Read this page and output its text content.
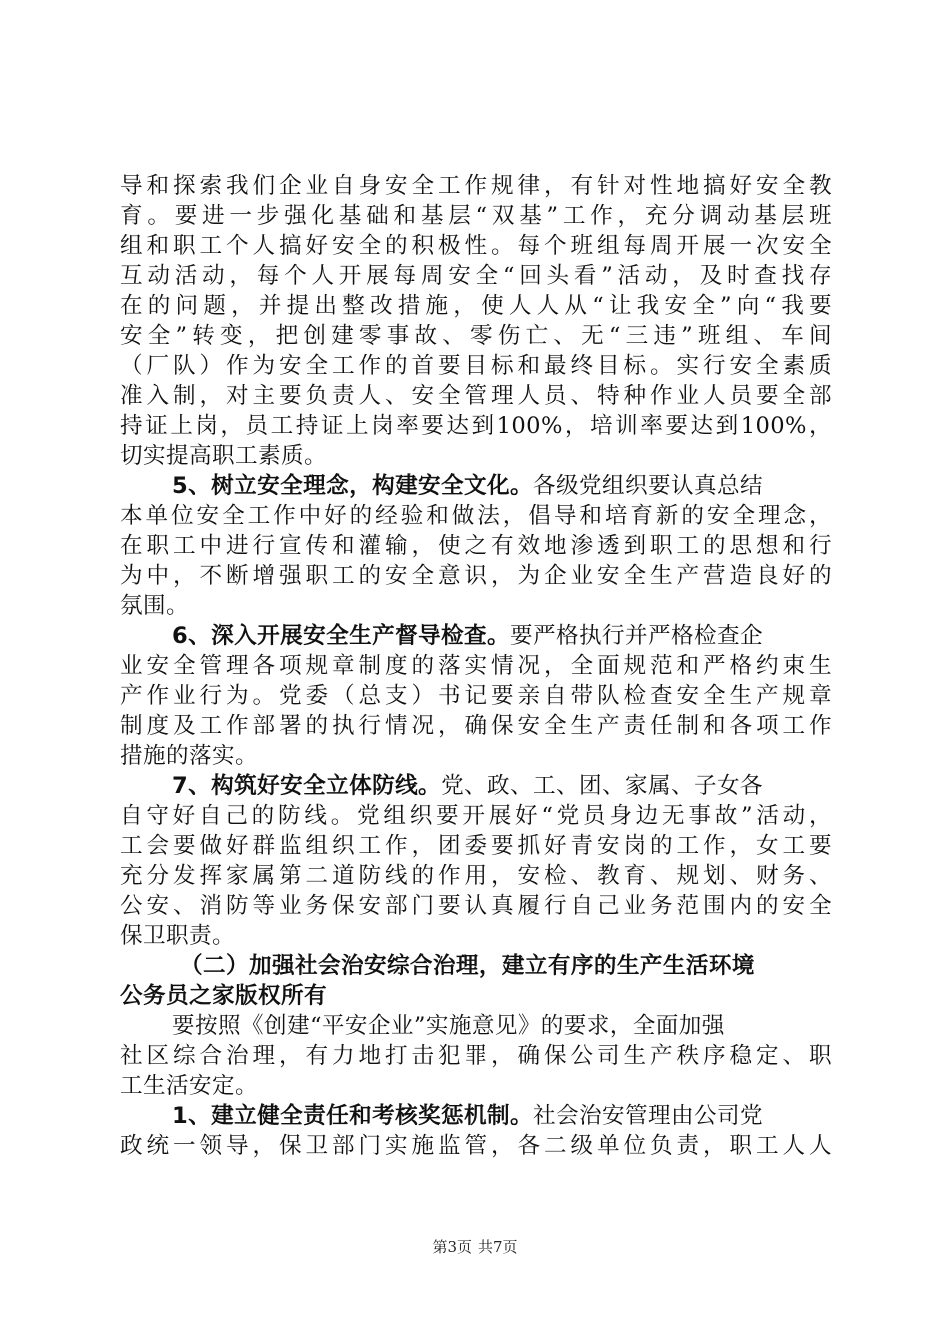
导和探索我们企业自身安全工作规律，有针对性地搞好安全教
育。要进一步强化基础和基层“双基”工作，充分调动基层班
组和职工个人搞好安全的积极性。每个班组每周开展一次安全
互动活动，每个人开展每周安全“回头看”活动，及时查找存
在的问题，并提出整改措施，使人人从“让我安全”向“我要
安全”转变，把创建零事故、零伤亡、无“三违”班组、车间
（厂队）作为安全工作的首要目标和最终目标。实行安全素质
准入制，对主要负责人、安全管理人员、特种作业人员要全部
持证上岗，员工持证上岗率要达到100%，培训率要达到100%，
切实提高职工素质。
5、树立安全理念，构建安全文化。各级党组织要认真总结
本单位安全工作中好的经验和做法，倡导和培育新的安全理念，
在职工中进行宣传和灌输，使之有效地渗透到职工的思想和行
为中，不断增强职工的安全意识，为企业安全生产营造良好的
氛围。
6、深入开展安全生产督导检查。要严格执行并严格检查企
业安全管理各项规章制度的落实情况，全面规范和严格约束生
产作业行为。党委（总支）书记要亲自带队检查安全生产规章
制度及工作部署的执行情况，确保安全生产责任制和各项工作
措施的落实。
7、构筑好安全立体防线。党、政、工、团、家属、子女各
自守好自己的防线。党组织要开展好“党员身边无事故”活动，
工会要做好群监组织工作，团委要抓好青安岗的工作，女工要
充分发挥家属第二道防线的作用，安检、教育、规划、财务、
公安、消防等业务保安部门要认真履行自己业务范围内的安全
保卫职责。
（二）加强社会治安综合治理，建立有序的生产生活环境
公务员之家版权所有
要按照《创建“平安企业”实施意见》的要求，全面加强
社区综合治理，有力地打击犯罪，确保公司生产秩序稳定、职
工生活安定。
1、建立健全责任和考核奖惩机制。社会治安管理由公司党
政统一领导，保卫部门实施监管，各二级单位负责，职工人人
第3页 共7页
